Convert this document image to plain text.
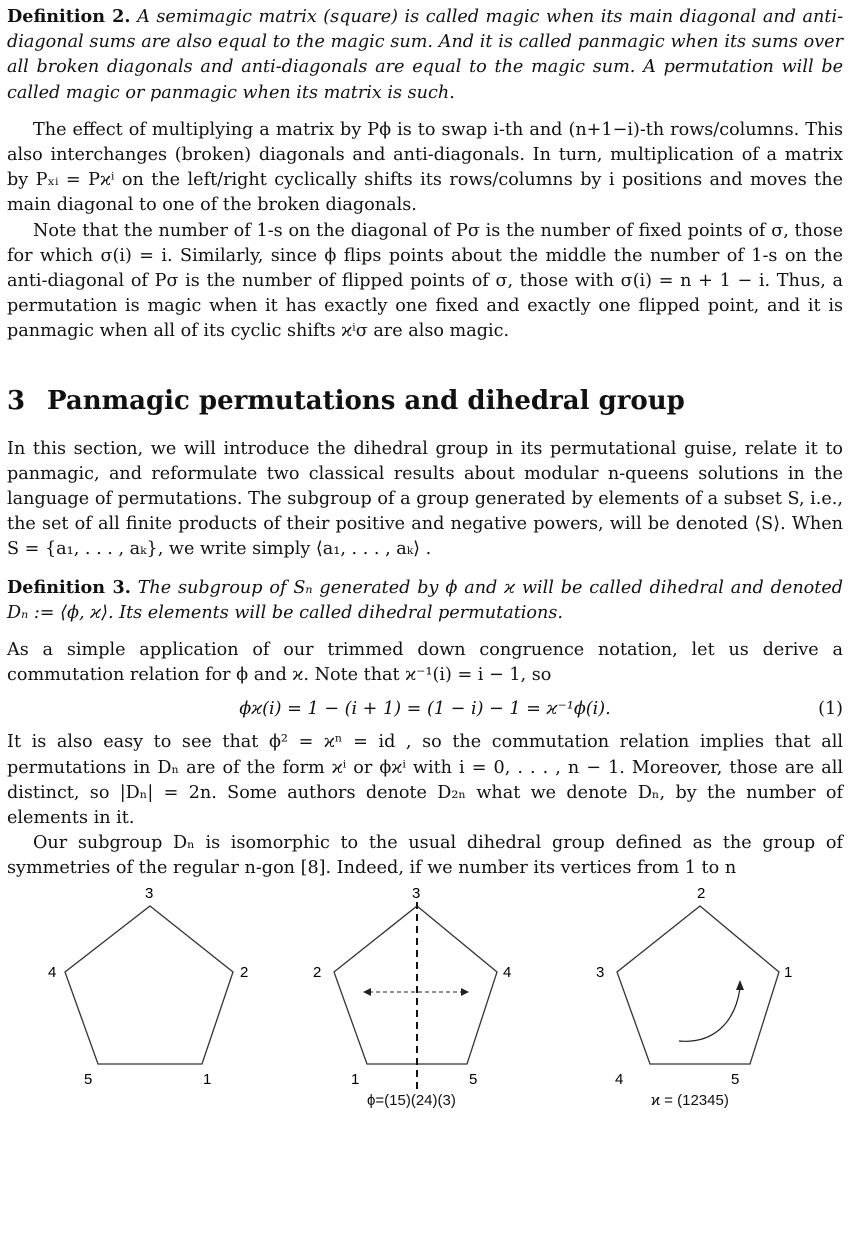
Definition 2. A semimagic matrix (square) is called magic when its main diagonal and anti-diagonal sums are also equal to the magic sum. And it is called panmagic when its sums over all broken diagonals and anti-diagonals are equal to the magic sum. A permutation will be called magic or panmagic when its matrix is such.

The effect of multiplying a matrix by Pϕ is to swap i-th and (n+1−i)-th rows/columns. This also interchanges (broken) diagonals and anti-diagonals. In turn, multiplication of a matrix by Pₓᵢ = Pϰⁱ on the left/right cyclically shifts its rows/columns by i positions and moves the main diagonal to one of the broken diagonals.

Note that the number of 1-s on the diagonal of Pσ is the number of fixed points of σ, those for which σ(i) = i. Similarly, since ϕ flips points about the middle the number of 1-s on the anti-diagonal of Pσ is the number of flipped points of σ, those with σ(i) = n + 1 − i. Thus, a permutation is magic when it has exactly one fixed and exactly one flipped point, and it is panmagic when all of its cyclic shifts ϰⁱσ are also magic.

3 Panmagic permutations and dihedral group

In this section, we will introduce the dihedral group in its permutational guise, relate it to panmagic, and reformulate two classical results about modular n-queens solutions in the language of permutations. The subgroup of a group generated by elements of a subset S, i.e., the set of all finite products of their positive and negative powers, will be denoted ⟨S⟩. When S = {a₁, . . . , aₖ}, we write simply ⟨a₁, . . . , aₖ⟩ .

Definition 3. The subgroup of Sₙ generated by ϕ and ϰ will be called dihedral and denoted Dₙ := ⟨ϕ, ϰ⟩. Its elements will be called dihedral permutations.

As a simple application of our trimmed down congruence notation, let us derive a commutation relation for ϕ and ϰ. Note that ϰ⁻¹(i) = i − 1, so

ϕϰ(i) = 1 − (i + 1) = (1 − i) − 1 = ϰ⁻¹ϕ(i).	(1)

It is also easy to see that ϕ² = ϰⁿ = id , so the commutation relation implies that all permutations in Dₙ are of the form ϰⁱ or ϕϰⁱ with i = 0, . . . , n − 1. Moreover, those are all distinct, so |Dₙ| = 2n. Some authors denote D₂ₙ what we denote Dₙ, by the number of elements in it.

Our subgroup Dₙ is isomorphic to the usual dihedral group defined as the group of symmetries of the regular n-gon [8]. Indeed, if we number its vertices from 1 to n

3
2
1
5
4
3
4
5
1
2
2
1
5
4
3
ϕ=(15)(24)(3)	ϰ = (12345)
